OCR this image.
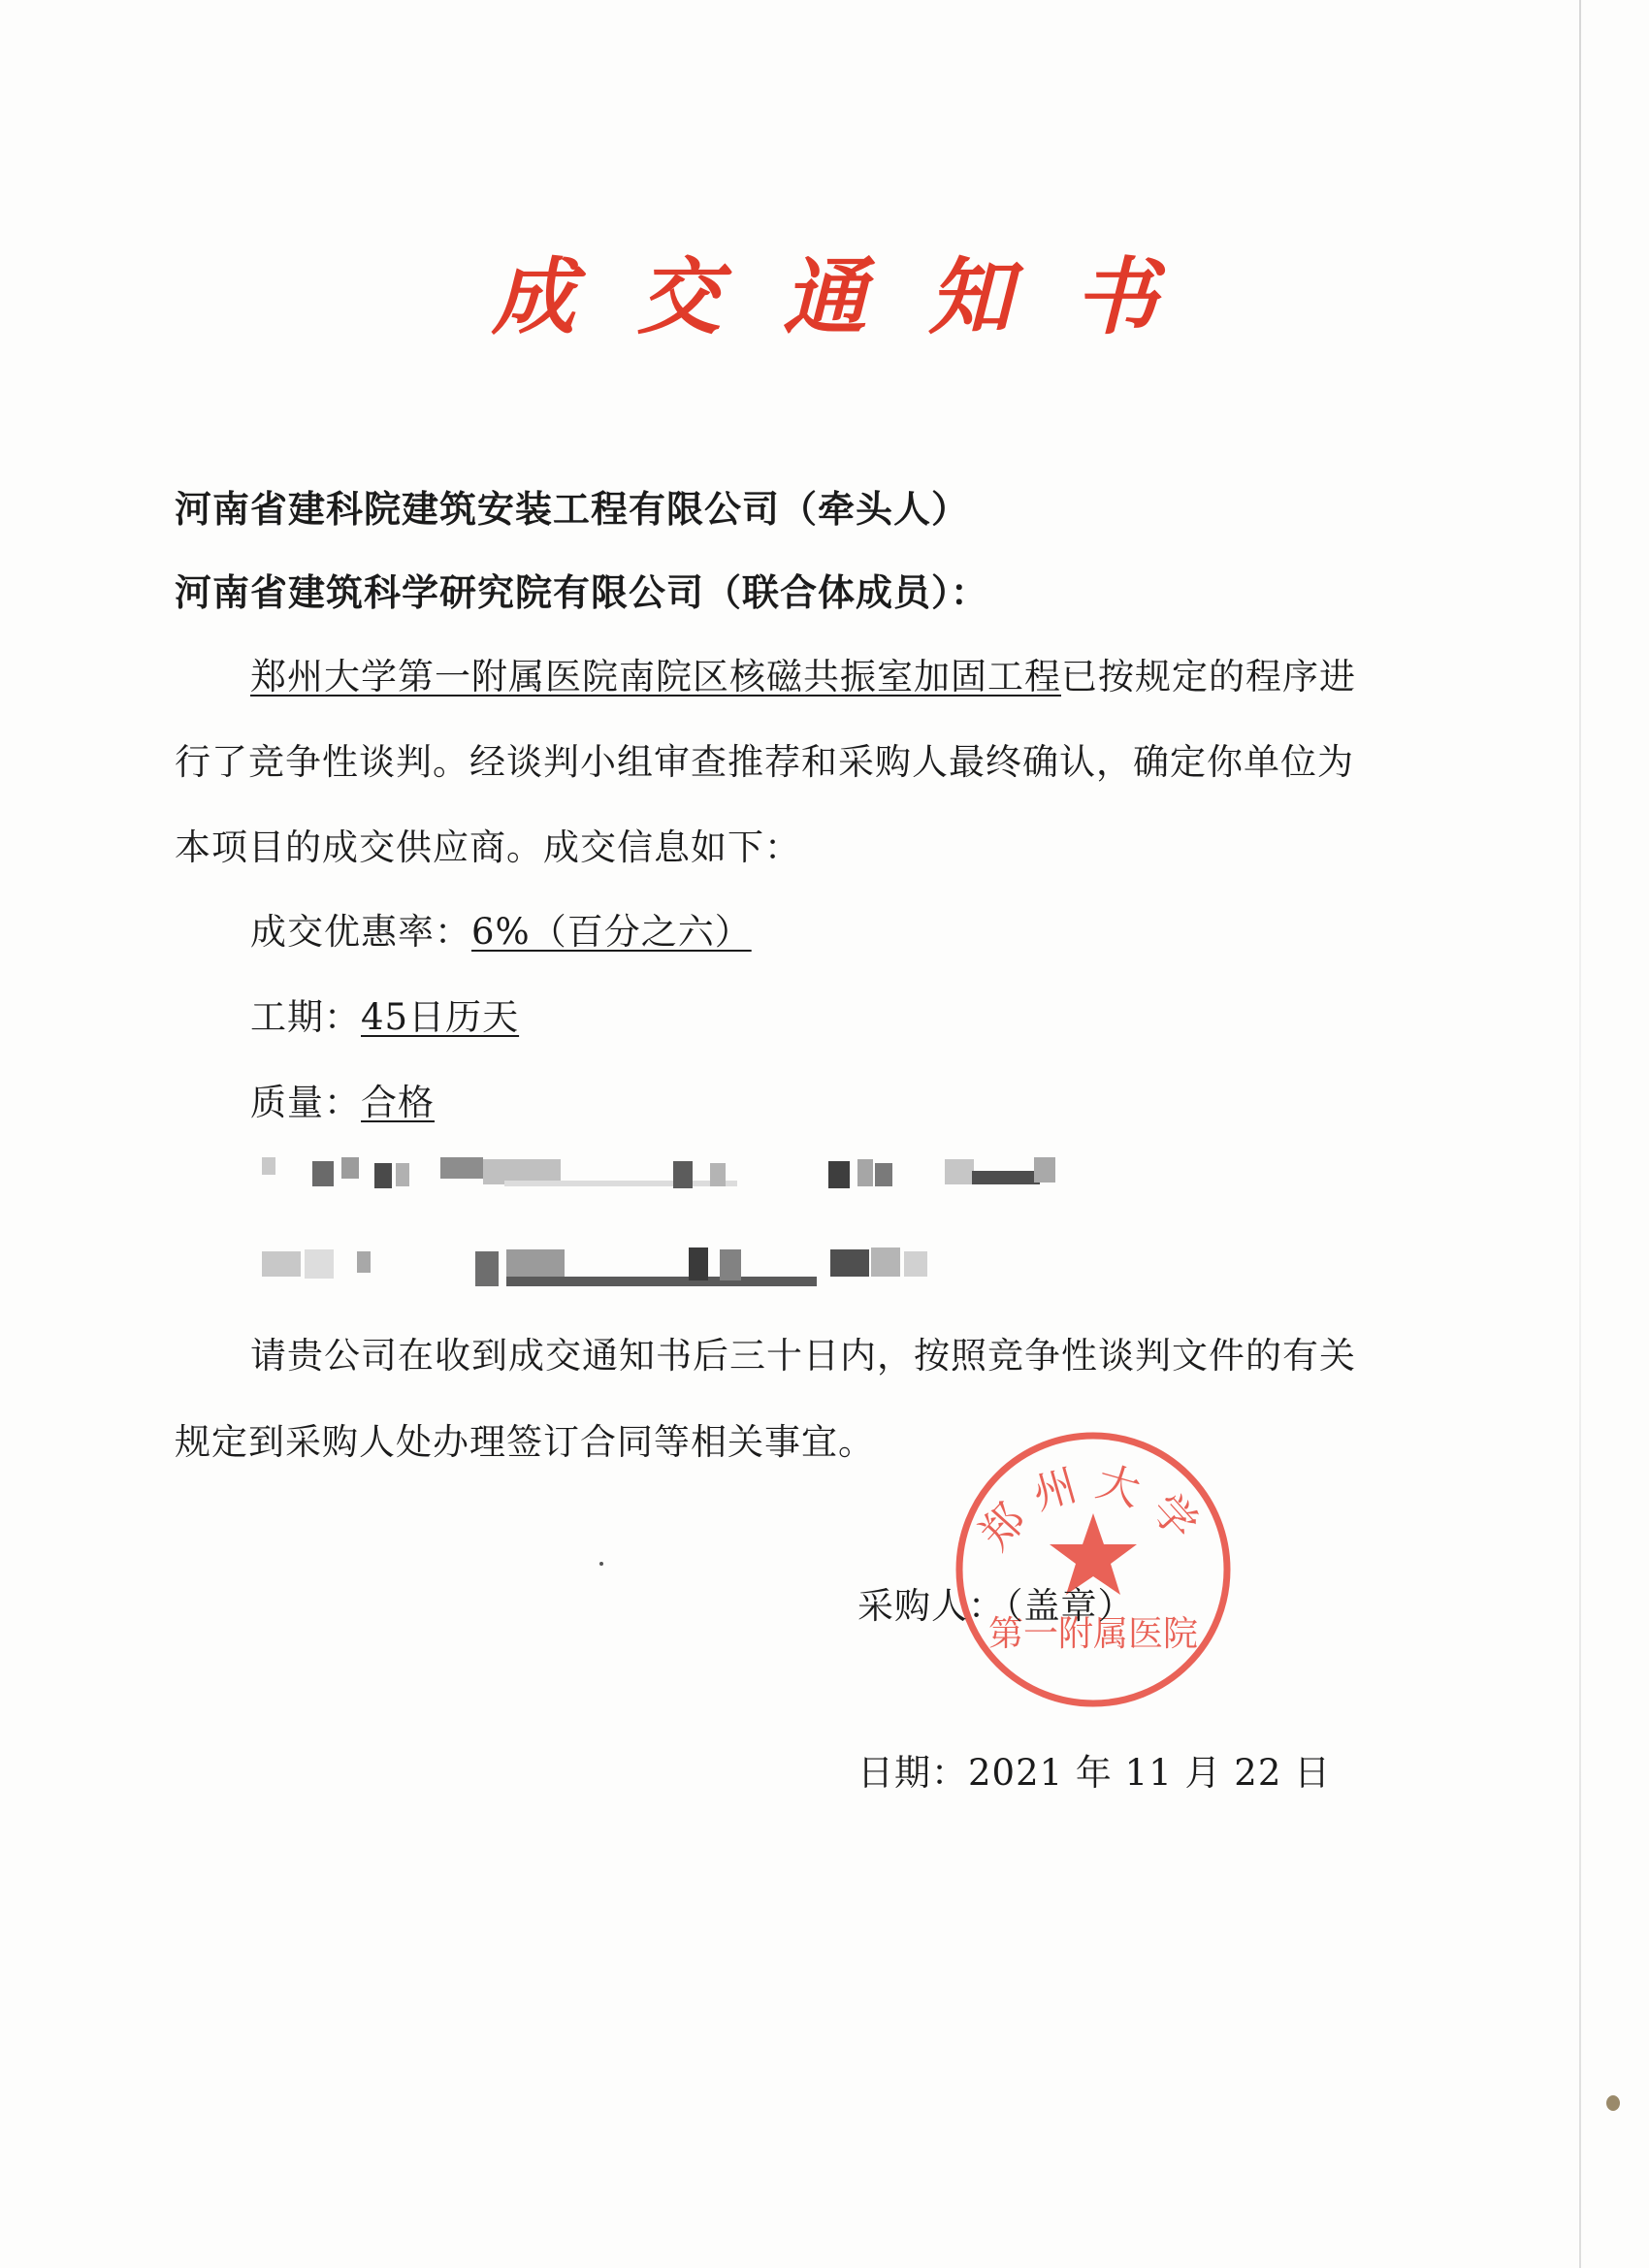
成 交 通 知 书
河南省建科院建筑安装工程有限公司（牵头人）
河南省建筑科学研究院有限公司（联合体成员）：
郑州大学第一附属医院南院区核磁共振室加固工程已按规定的程序进
行了竞争性谈判。经谈判小组审查推荐和采购人最终确认，确定你单位为
本项目的成交供应商。成交信息如下：
成交优惠率：6%（百分之六）
工期：45日历天
质量：合格
请贵公司在收到成交通知书后三十日内，按照竞争性谈判文件的有关
规定到采购人处办理签订合同等相关事宜。
郑州大学
第一附属医院
采购人：（盖章）
日期：2021 年 11 月 22 日
